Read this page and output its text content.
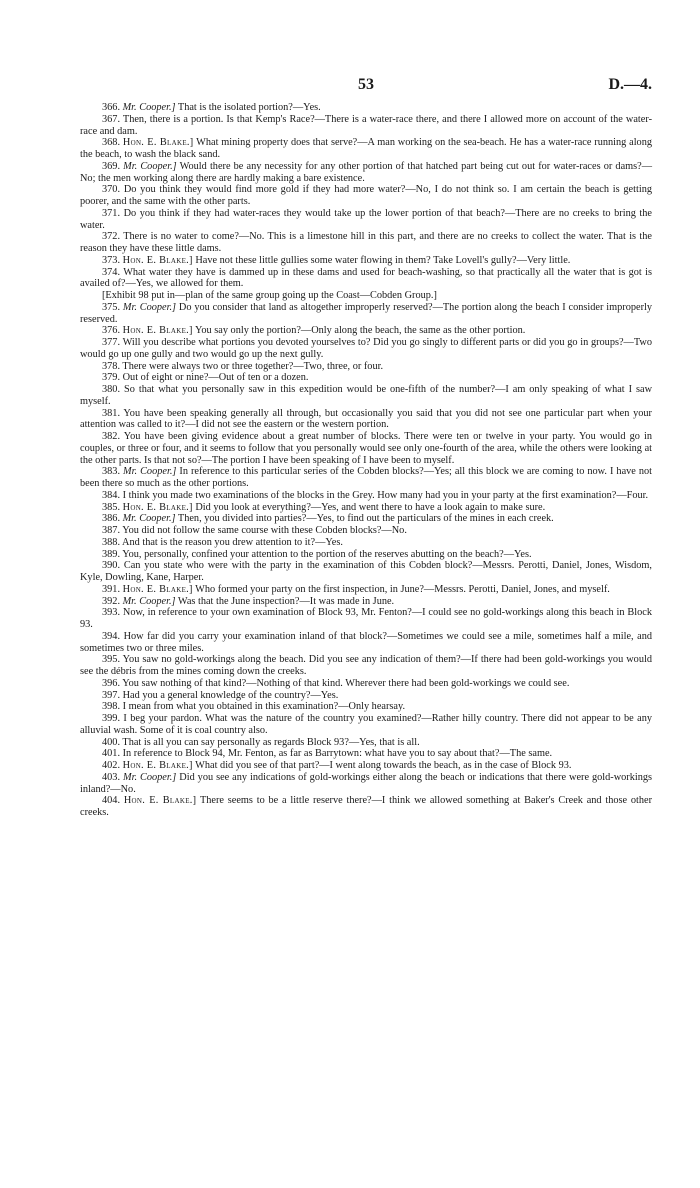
53	D.—4.

366. Mr. Cooper.] That is the isolated portion?—Yes.

367. Then, there is a portion. Is that Kemp's Race?—There is a water-race there, and there I allowed more on account of the water-race and dam.

368. Hon. E. Blake.] What mining property does that serve?—A man working on the sea-beach. He has a water-race running along the beach, to wash the black sand.

369. Mr. Cooper.] Would there be any necessity for any other portion of that hatched part being cut out for water-races or dams?—No; the men working along there are hardly making a bare existence.

370. Do you think they would find more gold if they had more water?—No, I do not think so. I am certain the beach is getting poorer, and the same with the other parts.

371. Do you think if they had water-races they would take up the lower portion of that beach?—There are no creeks to bring the water.

372. There is no water to come?—No. This is a limestone hill in this part, and there are no creeks to collect the water. That is the reason they have these little dams.

373. Hon. E. Blake.] Have not these little gullies some water flowing in them? Take Lovell's gully?—Very little.

374. What water they have is dammed up in these dams and used for beach-washing, so that practically all the water that is got is availed of?—Yes, we allowed for them.

[Exhibit 98 put in—plan of the same group going up the Coast—Cobden Group.]

375. Mr. Cooper.] Do you consider that land as altogether improperly reserved?—The portion along the beach I consider improperly reserved.

376. Hon. E. Blake.] You say only the portion?—Only along the beach, the same as the other portion.

377. Will you describe what portions you devoted yourselves to? Did you go singly to different parts or did you go in groups?—Two would go up one gully and two would go up the next gully.

378. There were always two or three together?—Two, three, or four.

379. Out of eight or nine?—Out of ten or a dozen.

380. So that what you personally saw in this expedition would be one-fifth of the number?—I am only speaking of what I saw myself.

381. You have been speaking generally all through, but occasionally you said that you did not see one particular part when your attention was called to it?—I did not see the eastern or the western portion.

382. You have been giving evidence about a great number of blocks. There were ten or twelve in your party. You would go in couples, or three or four, and it seems to follow that you personally would see only one-fourth of the area, while the others were looking at the other parts. Is that not so?—The portion I have been speaking of I have been to myself.

383. Mr. Cooper.] In reference to this particular series of the Cobden blocks?—Yes; all this block we are coming to now. I have not been there so much as the other portions.

384. I think you made two examinations of the blocks in the Grey. How many had you in your party at the first examination?—Four.

385. Hon. E. Blake.] Did you look at everything?—Yes, and went there to have a look again to make sure.

386. Mr. Cooper.] Then, you divided into parties?—Yes, to find out the particulars of the mines in each creek.

387. You did not follow the same course with these Cobden blocks?—No.

388. And that is the reason you drew attention to it?—Yes.

389. You, personally, confined your attention to the portion of the reserves abutting on the beach?—Yes.

390. Can you state who were with the party in the examination of this Cobden block?—Messrs. Perotti, Daniel, Jones, Wisdom, Kyle, Dowling, Kane, Harper.

391. Hon. E. Blake.] Who formed your party on the first inspection, in June?—Messrs. Perotti, Daniel, Jones, and myself.

392. Mr. Cooper.] Was that the June inspection?—It was made in June.

393. Now, in reference to your own examination of Block 93, Mr. Fenton?—I could see no gold-workings along this beach in Block 93.

394. How far did you carry your examination inland of that block?—Sometimes we could see a mile, sometimes half a mile, and sometimes two or three miles.

395. You saw no gold-workings along the beach. Did you see any indication of them?—If there had been gold-workings you would see the débris from the mines coming down the creeks.

396. You saw nothing of that kind?—Nothing of that kind. Wherever there had been gold-workings we could see.

397. Had you a general knowledge of the country?—Yes.

398. I mean from what you obtained in this examination?—Only hearsay.

399. I beg your pardon. What was the nature of the country you examined?—Rather hilly country. There did not appear to be any alluvial wash. Some of it is coal country also.

400. That is all you can say personally as regards Block 93?—Yes, that is all.

401. In reference to Block 94, Mr. Fenton, as far as Barrytown: what have you to say about that?—The same.

402. Hon. E. Blake.] What did you see of that part?—I went along towards the beach, as in the case of Block 93.

403. Mr. Cooper.] Did you see any indications of gold-workings either along the beach or indications that there were gold-workings inland?—No.

404. Hon. E. Blake.] There seems to be a little reserve there?—I think we allowed something at Baker's Creek and those other creeks.
